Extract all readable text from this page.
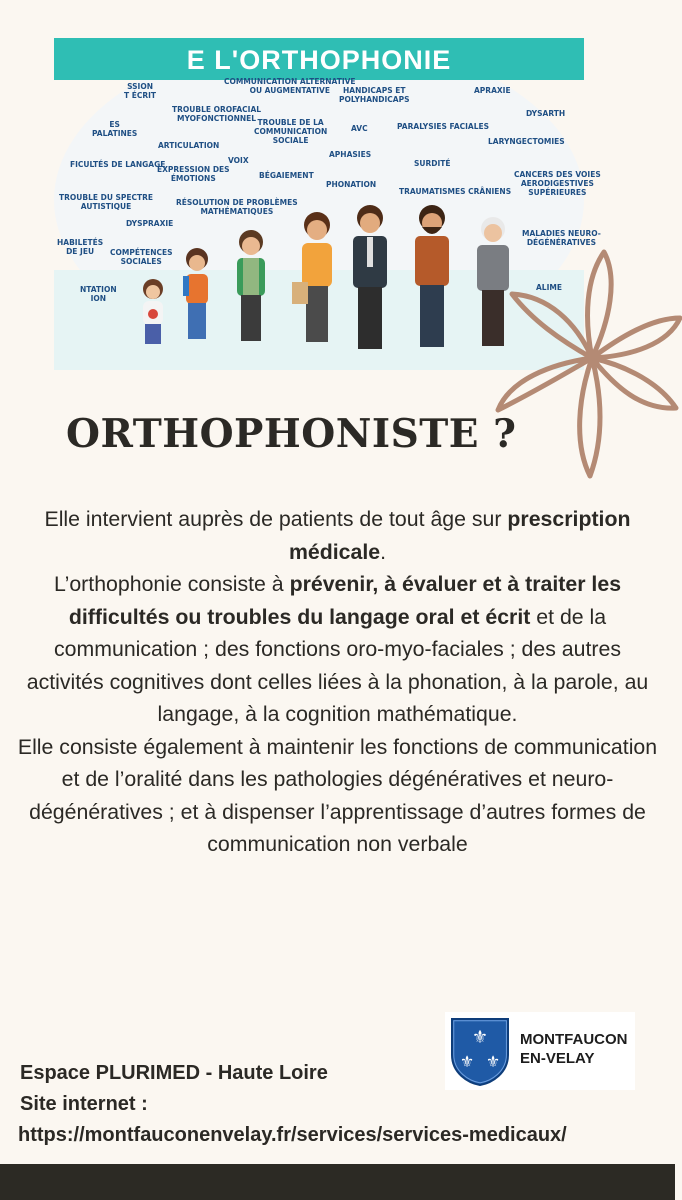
E L'ORTHOPHONIE
SSION
T ÉCRIT
COMMUNICATION ALTERNATIVE
OU AUGMENTATIVE	HANDICAPS ET
POLYHANDICAPS
APRAXIE
DYSARTH
ES
PALATINES
TROUBLE OROFACIAL
MYOFONCTIONNEL TROUBLE DE LA
COMMUNICATION
SOCIALE
AVC	PARALYSIES FACIALES
LARYNGECTOMIES
ARTICULATION
APHASIES
FICULTÉS DE LANGAGE
EXPRESSION DES
ÉMOTIONS
VOIX	SURDITÉ
BÉGAIEMENT	CANCERS DES VOIES
AERODIGESTIVES
SUPÉRIEURES
PHONATION
TRAUMATISMES CRÂNIENS
TROUBLE DU SPECTRE
AUTISTIQUE	RÉSOLUTION DE PROBLÈMES
MATHÉMATIQUES
DYSPRAXIE
MALADIES NEURO-
DÉGÉNÉRATIVES
HABILETÉS
DE JEU	COMPÉTENCES
SOCIALES
NTATION
ION
ALIME
ORTHOPHONISTE ?
Elle intervient auprès de patients de tout âge sur prescription médicale.
L’orthophonie consiste à prévenir, à évaluer et à traiter les difficultés ou troubles du langage oral et écrit et de la communication ; des fonctions oro-myo-faciales ; des autres activités cognitives dont celles liées à la phonation, à la parole, au langage, à la cognition mathématique.
Elle consiste également à maintenir les fonctions de communication et de l’oralité dans les pathologies dégénératives et neuro-dégénératives ; et à dispenser l’apprentissage d’autres formes de communication non verbale
⚜
⚜ ⚜
MONTFAUCON
EN-VELAY
Espace PLURIMED - Haute Loire
Site internet :
https://montfauconenvelay.fr/services/services-medicaux/
